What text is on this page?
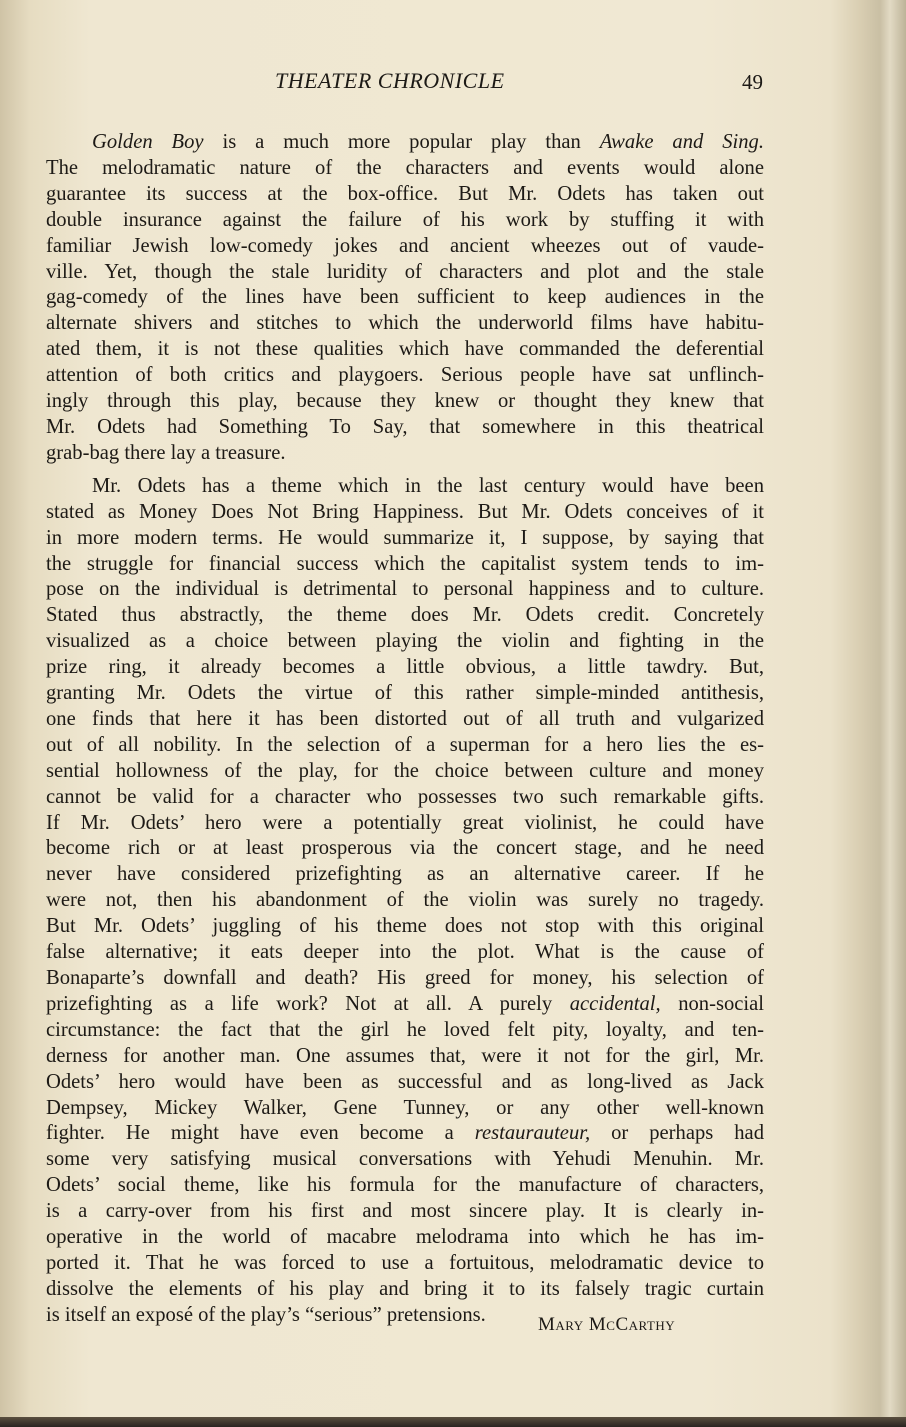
THEATER CHRONICLE	49
Golden Boy is a much more popular play than Awake and Sing.
The melodramatic nature of the characters and events would alone
guarantee its success at the box-office. But Mr. Odets has taken out
double insurance against the failure of his work by stuffing it with
familiar Jewish low-comedy jokes and ancient wheezes out of vaude-
ville. Yet, though the stale luridity of characters and plot and the stale
gag-comedy of the lines have been sufficient to keep audiences in the
alternate shivers and stitches to which the underworld films have habitu-
ated them, it is not these qualities which have commanded the deferential
attention of both critics and playgoers. Serious people have sat unflinch-
ingly through this play, because they knew or thought they knew that
Mr. Odets had Something To Say, that somewhere in this theatrical
grab-bag there lay a treasure.
Mr. Odets has a theme which in the last century would have been
stated as Money Does Not Bring Happiness. But Mr. Odets conceives of it
in more modern terms. He would summarize it, I suppose, by saying that
the struggle for financial success which the capitalist system tends to im-
pose on the individual is detrimental to personal happiness and to culture.
Stated thus abstractly, the theme does Mr. Odets credit. Concretely
visualized as a choice between playing the violin and fighting in the
prize ring, it already becomes a little obvious, a little tawdry. But,
granting Mr. Odets the virtue of this rather simple-minded antithesis,
one finds that here it has been distorted out of all truth and vulgarized
out of all nobility. In the selection of a superman for a hero lies the es-
sential hollowness of the play, for the choice between culture and money
cannot be valid for a character who possesses two such remarkable gifts.
If Mr. Odets’ hero were a potentially great violinist, he could have
become rich or at least prosperous via the concert stage, and he need
never have considered prizefighting as an alternative career. If he
were not, then his abandonment of the violin was surely no tragedy.
But Mr. Odets’ juggling of his theme does not stop with this original
false alternative; it eats deeper into the plot. What is the cause of
Bonaparte’s downfall and death? His greed for money, his selection of
prizefighting as a life work? Not at all. A purely accidental, non-social
circumstance: the fact that the girl he loved felt pity, loyalty, and ten-
derness for another man. One assumes that, were it not for the girl, Mr.
Odets’ hero would have been as successful and as long-lived as Jack
Dempsey, Mickey Walker, Gene Tunney, or any other well-known
fighter. He might have even become a restaurauteur, or perhaps had
some very satisfying musical conversations with Yehudi Menuhin. Mr.
Odets’ social theme, like his formula for the manufacture of characters,
is a carry-over from his first and most sincere play. It is clearly in-
operative in the world of macabre melodrama into which he has im-
ported it. That he was forced to use a fortuitous, melodramatic device to
dissolve the elements of his play and bring it to its falsely tragic curtain
is itself an exposé of the play’s “serious” pretensions.	Mary McCarthy
